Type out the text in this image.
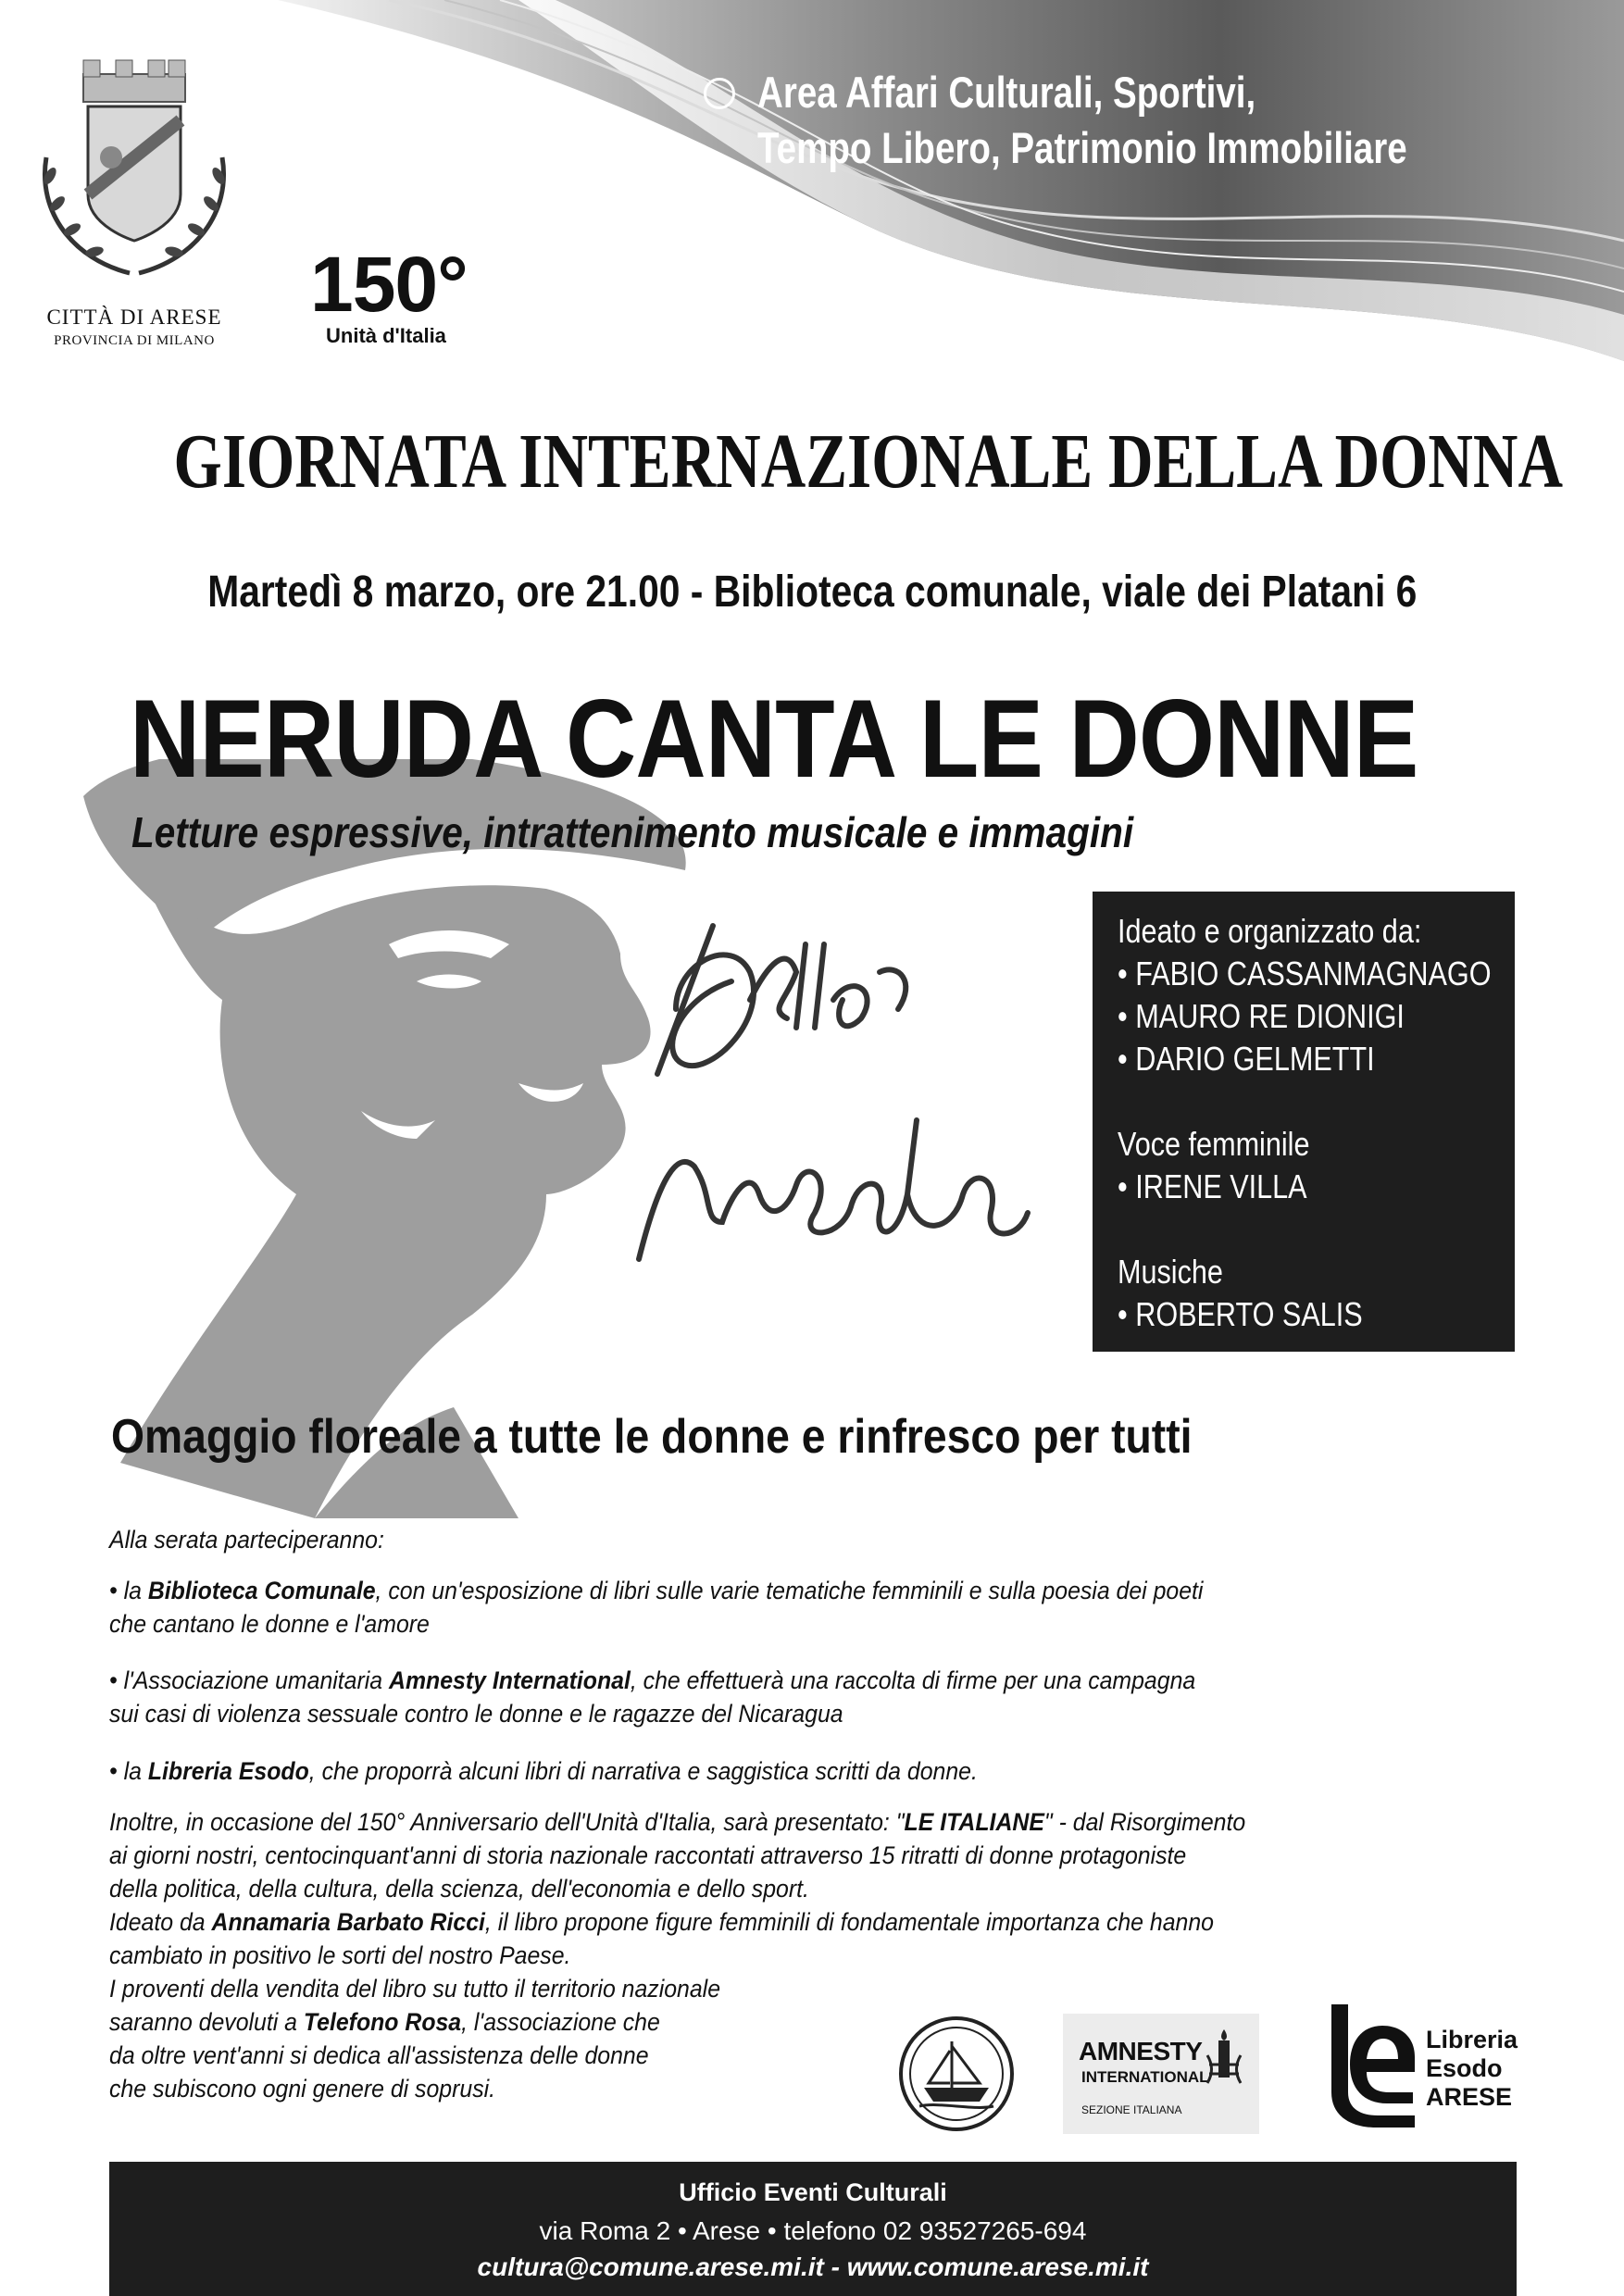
CITTÀ DI ARESE
PROVINCIA DI MILANO
150°
Unità d'Italia
Area Affari Culturali, Sportivi,
Tempo Libero, Patrimonio Immobiliare
GIORNATA INTERNAZIONALE DELLA DONNA
Martedì 8 marzo, ore 21.00 - Biblioteca comunale, viale dei Platani 6
NERUDA CANTA LE DONNE
Letture espressive, intrattenimento musicale e immagini
Ideato e organizzato da:
• FABIO CASSANMAGNAGO
• MAURO RE DIONIGI
• DARIO GELMETTI
Voce femminile
• IRENE VILLA
Musiche
• ROBERTO SALIS
Omaggio floreale a tutte le donne e rinfresco per tutti
Alla serata parteciperanno:
• la Biblioteca Comunale, con un'esposizione di libri sulle varie tematiche femminili e sulla poesia dei poeti
che cantano le donne e l'amore
• l'Associazione umanitaria Amnesty International, che effettuerà una raccolta di firme per una campagna
sui casi di violenza sessuale contro le donne e le ragazze del Nicaragua
• la Libreria Esodo, che proporrà alcuni libri di narrativa e saggistica scritti da donne.
Inoltre, in occasione del 150° Anniversario dell'Unità d'Italia, sarà presentato: "LE ITALIANE" - dal Risorgimento
ai giorni nostri, centocinquant'anni di storia nazionale raccontati attraverso 15 ritratti di donne protagoniste
della politica, della cultura, della scienza, dell'economia e dello sport.
Ideato da Annamaria Barbato Ricci, il libro propone figure femminili di fondamentale importanza che hanno
cambiato in positivo le sorti del nostro Paese.
I proventi della vendita del libro su tutto il territorio nazionale
saranno devoluti a Telefono Rosa, l'associazione che
da oltre vent'anni si dedica all'assistenza delle donne
che subiscono ogni genere di soprusi.
AMNESTY
INTERNATIONAL
SEZIONE ITALIANA
Libreria
Esodo
ARESE
Ufficio Eventi Culturali
via Roma 2 • Arese • telefono 02 93527265-694
cultura@comune.arese.mi.it - www.comune.arese.mi.it
